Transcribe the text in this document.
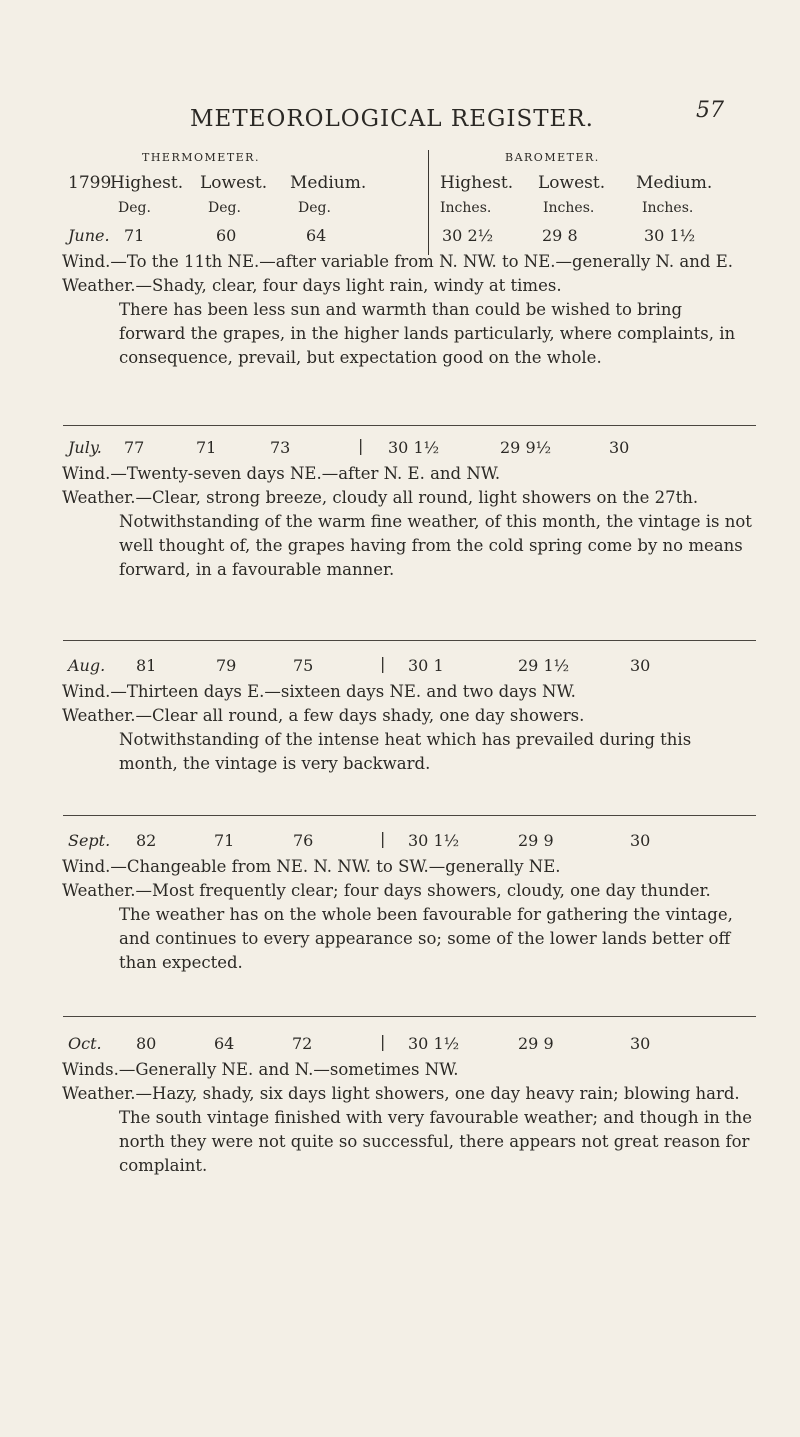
METEOROLOGICAL REGISTER.	57
THERMOMETER.	BAROMETER.
1799
Highest. Lowest. Medium.	Highest. Lowest. Medium.
Deg.	Deg.	Deg.	Inches.	Inches.	Inches.
June. 71	60	64	30 2½	29 8	30 1½
Wind.—To the 11th NE.—after variable from N. NW. to NE.—generally N. and E.
Weather.—Shady, clear, four days light rain, windy at times.
There has been less sun and warmth than could be wished to bring forward the grapes, in the higher lands particularly, where complaints, in consequence, prevail, but expectation good on the whole.
July. 77	71	73	| 30 1½	29 9½	30
Wind.—Twenty-seven days NE.—after N. E. and NW.
Weather.—Clear, strong breeze, cloudy all round, light showers on the 27th.
Notwithstanding of the warm fine weather, of this month, the vintage is not well thought of, the grapes having from the cold spring come by no means forward, in a favourable manner.
Aug. 81	79	75	| 30 1	29 1½	30
Wind.—Thirteen days E.—sixteen days NE. and two days NW.
Weather.—Clear all round, a few days shady, one day showers.
Notwithstanding of the intense heat which has prevailed during this month, the vintage is very backward.
Sept. 82	71	76	| 30 1½	29 9	30
Wind.—Changeable from NE. N. NW. to SW.—generally NE.
Weather.—Most frequently clear; four days showers, cloudy, one day thunder.
The weather has on the whole been favourable for gathering the vintage, and continues to every appearance so; some of the lower lands better off than expected.
Oct. 80	64	72	| 30 1½	29 9	30
Winds.—Generally NE. and N.—sometimes NW.
Weather.—Hazy, shady, six days light showers, one day heavy rain; blowing hard.
The south vintage finished with very favourable weather; and though in the north they were not quite so successful, there appears not great reason for complaint.
